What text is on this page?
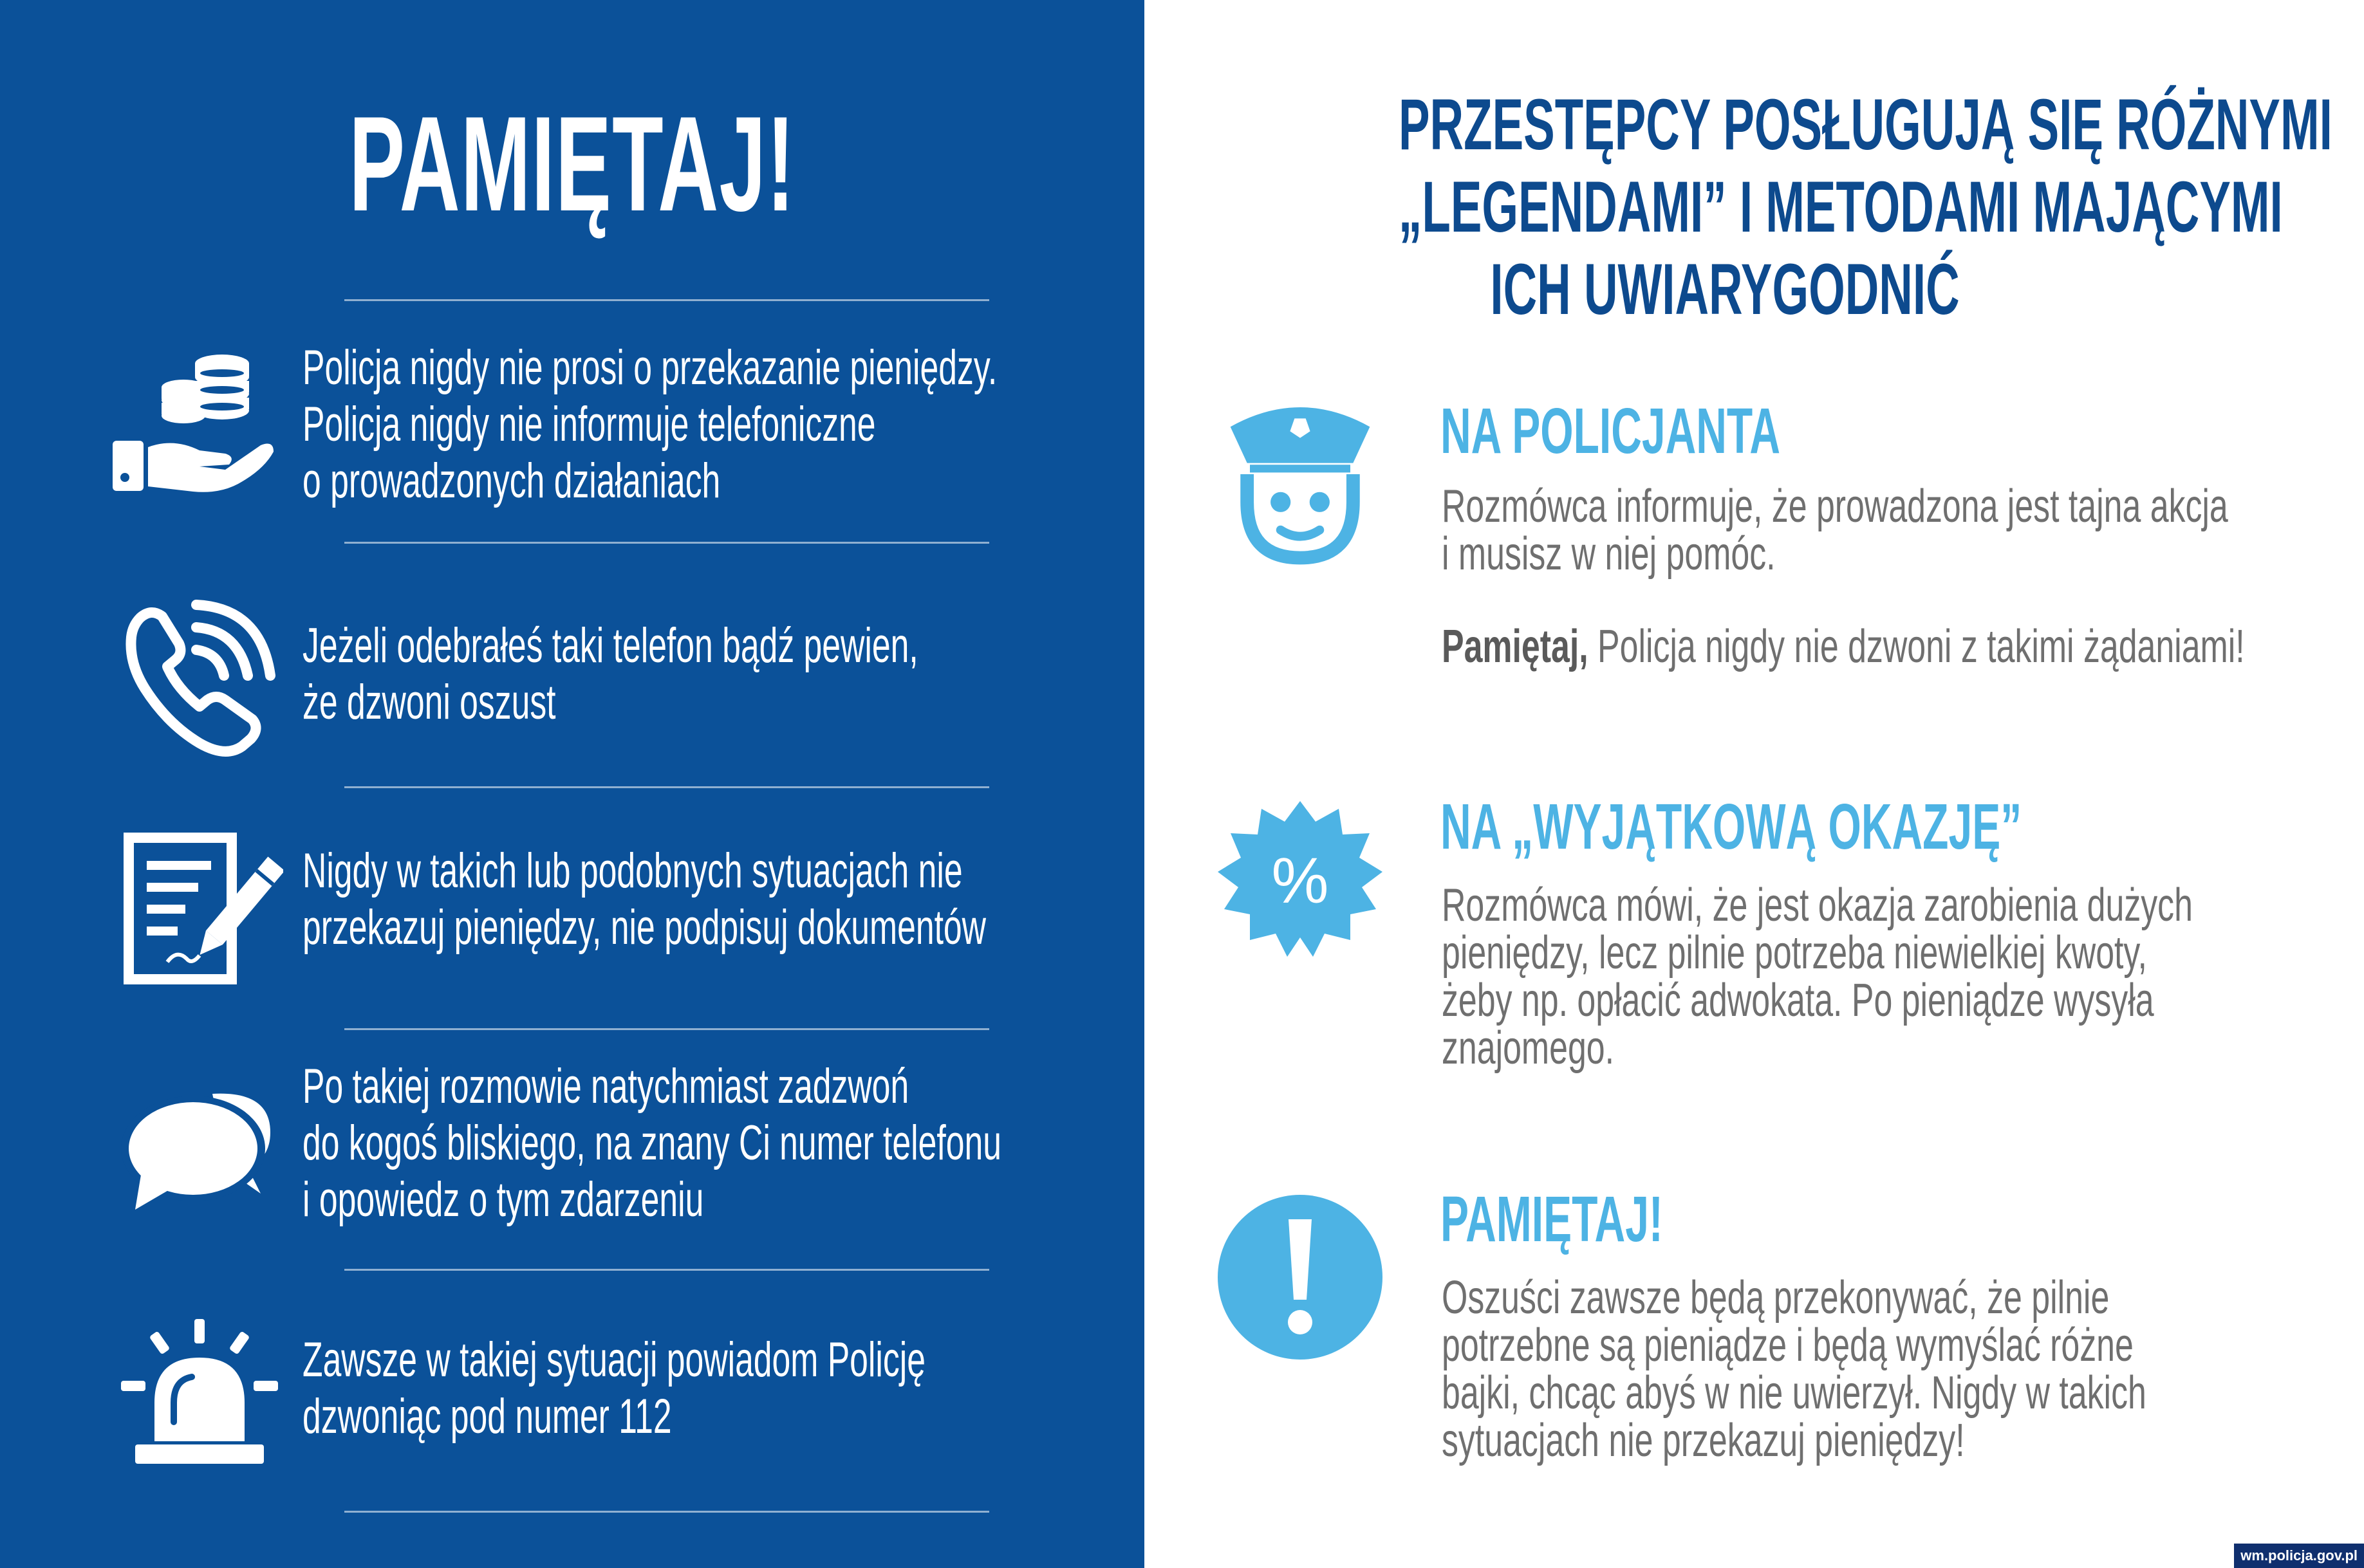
PAMIĘTAJ!
Policja nigdy nie prosi o przekazanie pieniędzy.
Policja nigdy nie informuje telefoniczne
o prowadzonych działaniach
Jeżeli odebrałeś taki telefon bądź pewien,
że dzwoni oszust
Nigdy w takich lub podobnych sytuacjach nie
przekazuj pieniędzy, nie podpisuj dokumentów
Po takiej rozmowie natychmiast zadzwoń
do kogoś bliskiego, na znany Ci numer telefonu
i opowiedz o tym zdarzeniu
Zawsze w takiej sytuacji powiadom Policję
dzwoniąc pod numer 112
PRZESTĘPCY POSŁUGUJĄ SIĘ RÓŻNYMI
„LEGENDAMI” I METODAMI MAJĄCYMI
ICH UWIARYGODNIĆ
NA POLICJANTA
Rozmówca informuje, że prowadzona jest tajna akcja
i musisz w niej pomóc.
Pamiętaj, Policja nigdy nie dzwoni z takimi żądaniami!
%
NA „WYJĄTKOWĄ OKAZJĘ”
Rozmówca mówi, że jest okazja zarobienia dużych
pieniędzy, lecz pilnie potrzeba niewielkiej kwoty,
żeby np. opłacić adwokata. Po pieniądze wysyła
znajomego.
PAMIĘTAJ!
Oszuści zawsze będą przekonywać, że pilnie
potrzebne są pieniądze i będą wymyślać różne
bajki, chcąc abyś w nie uwierzył. Nigdy w takich
sytuacjach nie przekazuj pieniędzy!
wm.policja.gov.pl
